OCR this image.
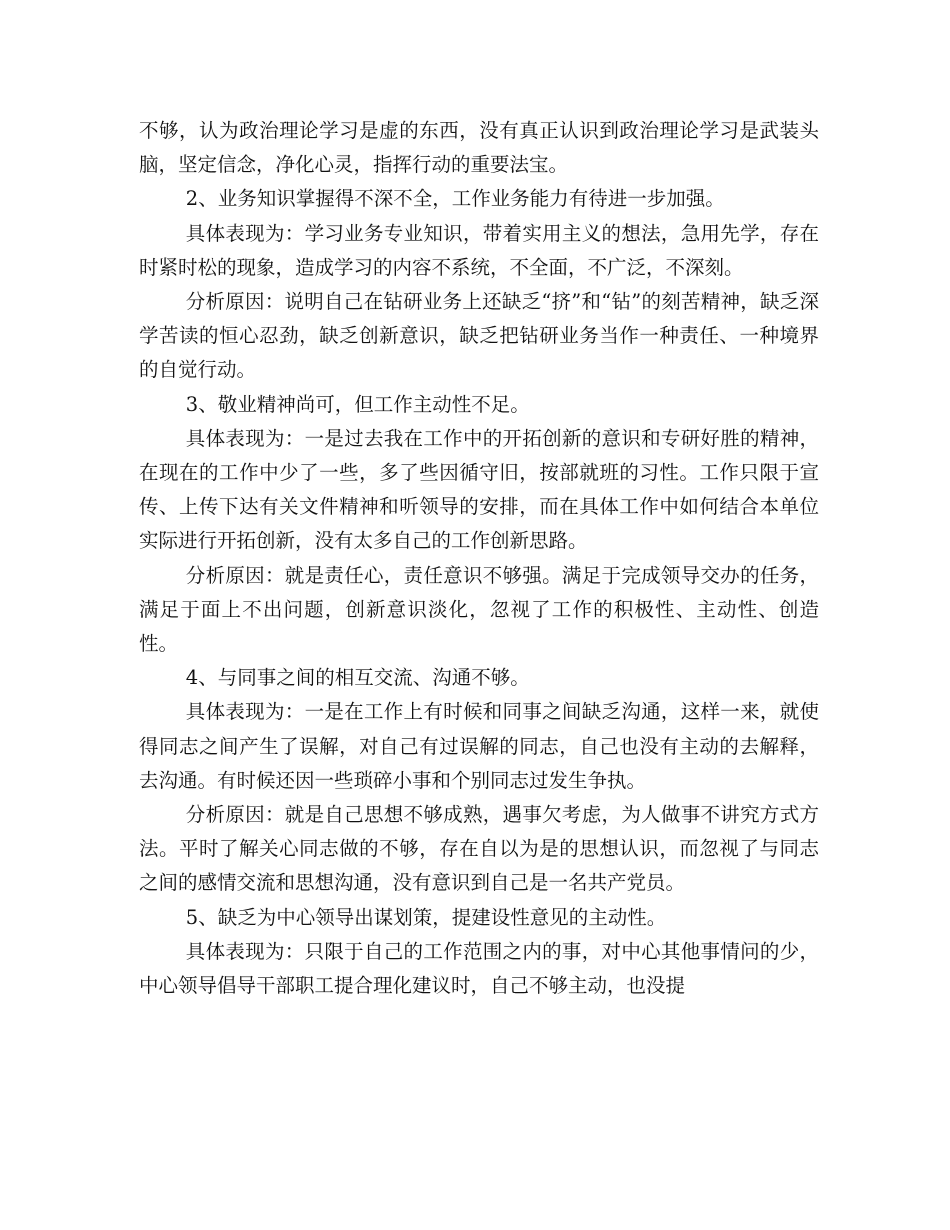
不够，认为政治理论学习是虚的东西，没有真正认识到政治理论学习是武装头脑，坚定信念，净化心灵，指挥行动的重要法宝。

2、业务知识掌握得不深不全，工作业务能力有待进一步加强。

具体表现为：学习业务专业知识，带着实用主义的想法，急用先学，存在时紧时松的现象，造成学习的内容不系统，不全面，不广泛，不深刻。

分析原因：说明自己在钻研业务上还缺乏“挤”和“钻”的刻苦精神，缺乏深学苦读的恒心忍劲，缺乏创新意识，缺乏把钻研业务当作一种责任、一种境界的自觉行动。

3、敬业精神尚可，但工作主动性不足。

具体表现为：一是过去我在工作中的开拓创新的意识和专研好胜的精神，在现在的工作中少了一些，多了些因循守旧，按部就班的习性。工作只限于宣传、上传下达有关文件精神和听领导的安排，而在具体工作中如何结合本单位实际进行开拓创新，没有太多自己的工作创新思路。

分析原因：就是责任心，责任意识不够强。满足于完成领导交办的任务，满足于面上不出问题，创新意识淡化，忽视了工作的积极性、主动性、创造性。

4、与同事之间的相互交流、沟通不够。

具体表现为：一是在工作上有时候和同事之间缺乏沟通，这样一来，就使得同志之间产生了误解，对自己有过误解的同志，自己也没有主动的去解释，去沟通。有时候还因一些琐碎小事和个别同志过发生争执。

分析原因：就是自己思想不够成熟，遇事欠考虑，为人做事不讲究方式方法。平时了解关心同志做的不够，存在自以为是的思想认识，而忽视了与同志之间的感情交流和思想沟通，没有意识到自己是一名共产党员。

5、缺乏为中心领导出谋划策，提建设性意见的主动性。

具体表现为：只限于自己的工作范围之内的事，对中心其他事情问的少，中心领导倡导干部职工提合理化建议时，自己不够主动，也没提
